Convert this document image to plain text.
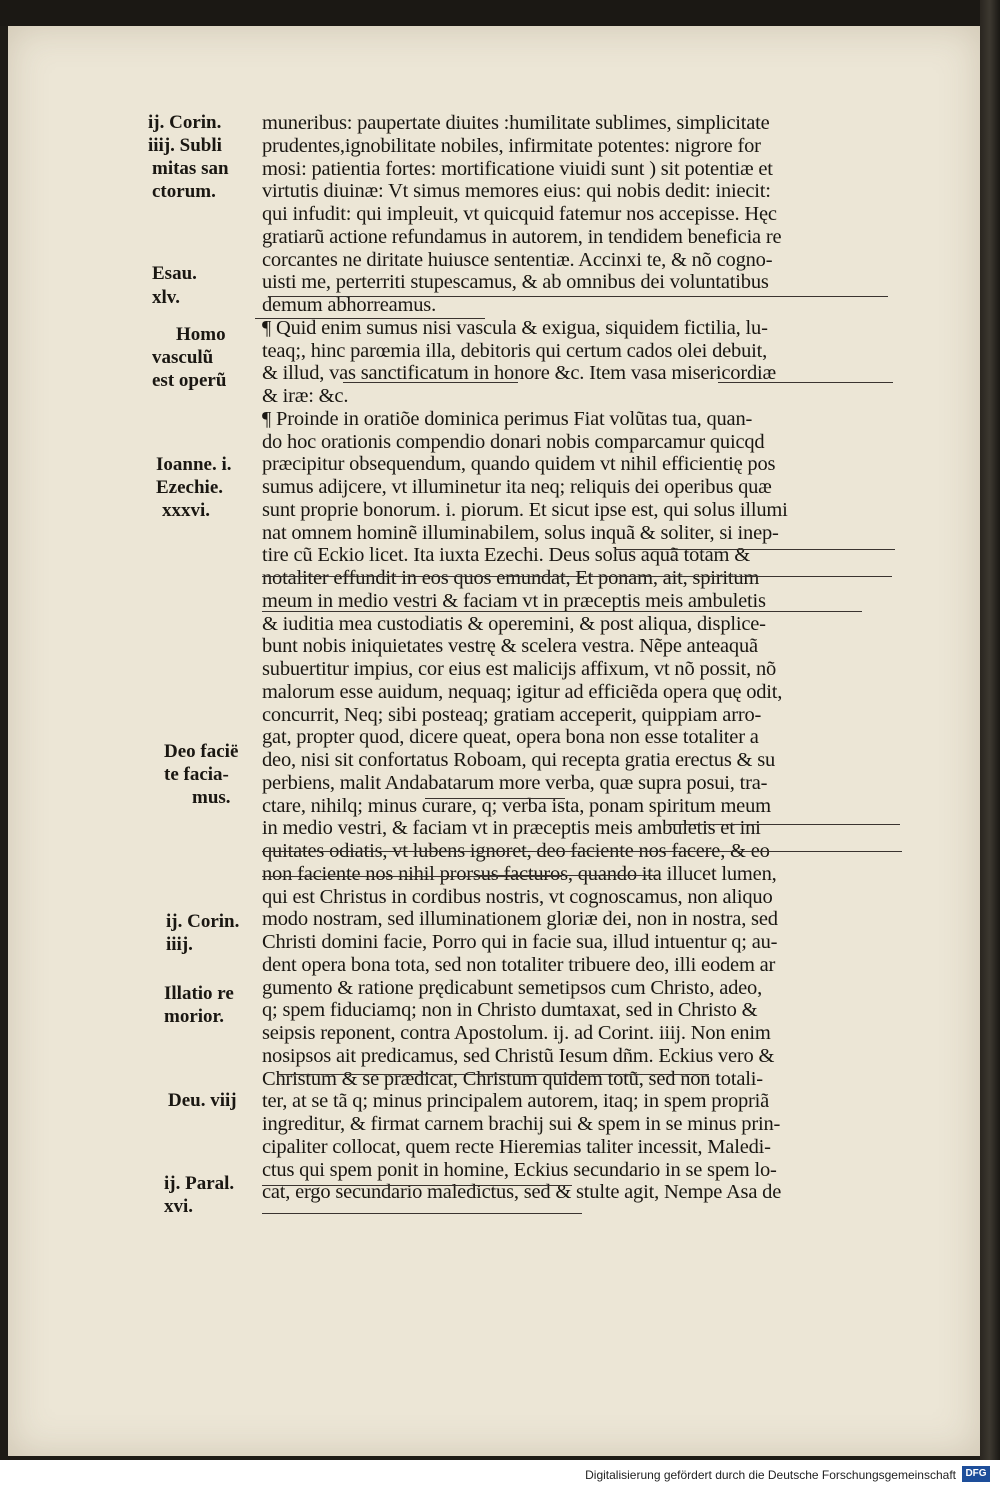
ij. Corin.
iiij. Subli
mitas san
ctorum.
Esau.
xlv.
Homo
vasculũ
est operũ
Ioanne. i.
Ezechie.
xxxvi.
Deo facië
te facia-
mus.
ij. Corin.
iiij.
Illatio re
morior.
Deu. viij
ij. Paral.
xvi.
muneribus: paupertate diuites :humilitate sublimes, simplicitate
prudentes,ignobilitate nobiles, infirmitate potentes: nigrore for
mosi: patientia fortes: mortificatione viuidi sunt ) sit potentiæ et
virtutis diuinæ: Vt simus memores eius: qui nobis dedit: iniecit:
qui infudit: qui impleuit, vt quicquid fatemur nos accepisse. Hęc
gratiarũ actione refundamus in autorem, in tendidem beneficia re
corcantes ne diritate huiusce sententiæ. Accinxi te, & nõ cogno-
uisti me, perterriti stupescamus, & ab omnibus dei voluntatibus
demum abhorreamus.
¶ Quid enim sumus nisi vascula & exigua, siquidem fictilia, lu-
teaq;, hinc parœmia illa, debitoris qui certum cados olei debuit,
& illud, vas sanctificatum in honore &c. Item vasa misericordiæ
& iræ: &c.
¶ Proinde in oratiõe dominica perimus Fiat volũtas tua, quan-
do hoc orationis compendio donari nobis comparcamur quicqd
præcipitur obsequendum, quando quidem vt nihil efficientię pos
sumus adijcere, vt illuminetur ita neq; reliquis dei operibus quæ
sunt proprie bonorum. i. piorum. Et sicut ipse est, qui solus illumi
nat omnem hominẽ illuminabilem, solus inquã & soliter, si inep-
tire cũ Eckio licet. Ita iuxta Ezechi. Deus solus aquã totam &
notaliter effundit in eos quos emundat, Et ponam, ait, spiritum
meum in medio vestri & faciam vt in præceptis meis ambuletis
& iuditia mea custodiatis & operemini, & post aliqua, displice-
bunt nobis iniquietates vestrę & scelera vestra. Nẽpe anteaquã
subuertitur impius, cor eius est malicijs affixum, vt nõ possit, nõ
malorum esse auidum, nequaq; igitur ad efficiẽda opera quę odit,
concurrit, Neq; sibi posteaq; gratiam acceperit, quippiam arro-
gat, propter quod, dicere queat, opera bona non esse totaliter a
deo, nisi sit confortatus Roboam, qui recepta gratia erectus & su
perbiens, malit Andabatarum more verba, quæ supra posui, tra-
ctare, nihilq; minus curare, q; verba ista, ponam spiritum meum
in medio vestri, & faciam vt in præceptis meis ambuletis et ini
quitates odiatis, vt lubens ignoret, deo faciente nos facere, & eo
non faciente nos nihil prorsus facturos, quando ita illucet lumen,
qui est Christus in cordibus nostris, vt cognoscamus, non aliquo
modo nostram, sed illuminationem gloriæ dei, non in nostra, sed
Christi domini facie, Porro qui in facie sua, illud intuentur q; au-
dent opera bona tota, sed non totaliter tribuere deo, illi eodem ar
gumento & ratione prędicabunt semetipsos cum Christo, adeo,
q; spem fiduciamq; non in Christo dumtaxat, sed in Christo &
seipsis reponent, contra Apostolum. ij. ad Corint. iiij. Non enim
nosipsos ait predicamus, sed Christũ Iesum dñm. Eckius vero &
Christum & se prædicat, Christum quidem totũ, sed non totali-
ter, at se tã q; minus principalem autorem, itaq; in spem propriã
ingreditur, & firmat carnem brachij sui & spem in se minus prin-
cipaliter collocat, quem recte Hieremias taliter incessit, Maledi-
ctus qui spem ponit in homine, Eckius secundario in se spem lo-
cat, ergo secundario maledictus, sed & stulte agit, Nempe Asa de
Digitalisierung gefördert durch die Deutsche Forschungsgemeinschaft DFG
